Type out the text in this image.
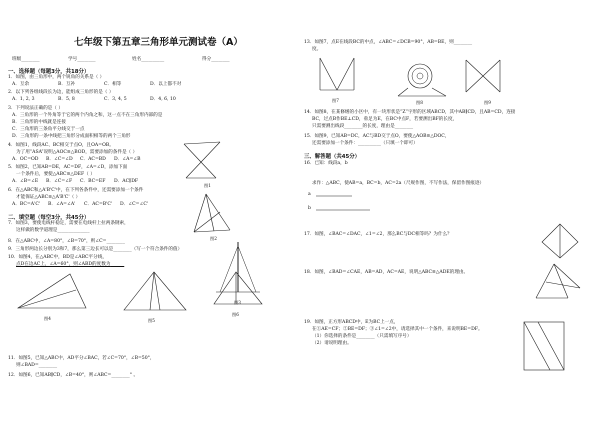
七年级下第五章三角形单元测试卷（A）
班级________	学号________	姓名__________	得分________
一、选择题（每题3分，共18分）
1．如图，由三角形中，两个锐角的关系是（ ）
A．互余	B．互补	C．相等	D．以上都不对
2．以下列各组线段长为边，能组成三角形的是（ ）
A．1, 2, 3	B．5, 8	C．3, 4, 5	D．4, 6, 10
3．下列说法正确的是（ ）
A．三角形的一个外角等于它的两个内角之和，这一点不在三角形内部的是
B．三角形的中线就是连接
C．三角形的三条角平分线交于一点
D．三角形的一条中线把三角形分成面积相等的两个三角形
4．如图1，线段AC、BC相交于点O，且OA=OB。
为了用“ASA”说明△AOC≌△BOD，需要添加的条件是（ ）
A．OC=OD B．∠C=∠D C．AC=BD D．∠A=∠B
5．如图2，已知AB=DE，AC=DF，∠A=∠D，添加下面
一个条件后，要使△ABC≌△DEF（ ）
A．∠B=∠E B．∠C=∠F C．BC=EF D．AC∥DF
6．在△ABC和△A'B'C'中，在下列各条件中，还需要添加一个条件
才能保证△ABC≌△A'B'C'（ ）
A．BC=A'C' B．∠A=∠A' C．AC=B'C' D．∠C=∠C'
图1
图2
图3
二、填空题（每空3分，共45分）
7．如图3，要使电线杆稳定，需要在电线杆上拉两条钢索，
这样做的数学道理是______________
8．在△ABC中，∠A=80°，∠B=70°，则∠C=________
9．三角形两边长分别为3和7，那么第三边长可以是________（写一个符合条件的值）
10．如图4，在△ABC中，BD是∠ABC平分线，
点D在边AC上，∠A=60°，则∠ABD的度数为______
图4	图5
图6
11．如图5，已知△ABC中，AD平分∠BAC，若∠C=70°，∠B=50°，
则∠BAD=________
12．如图6，已知AB∥CD，∠B=40°，则∠ABC=________° 。
13．如图7，点E在线段BC的中点，∠ABC=∠DCB=90°，AB=BE，则________
度。
图7	图8	图9
14．如图8，在某修缮的小区中，有一块形状是“Z”字形的区域ABCD，其中AB∥CD，且AB=CD，连接
BC，过点B作BE⊥CD，垂足为E，在BC中点F，若要测出BF的长度，
只需要测出线段________的长度，理由是________
15．如图9，已知AB=DC，AC与BD交于点O，要使△AOB≌△DOC，
还需要添加一个条件：__________（只填一个即可）
三、解答题（共45分）
16．已知：线段a，b
求作：△ABC，使AB=a，BC=b，AC=2a（尺规作图，不写作法，保留作图痕迹）
a
b
17．如图，∠BAC=∠DAC，∠1=∠2，那么BC与DC相等吗？为什么？
18．如图，∠BAD=∠CAE，AB=AD，AC=AE，说明△ABC≌△ADE的理由。
19．如图，正方形ABCD中，E为BC上一点，
在①AE=CF；②BE=DF；③∠1=∠2中，请选择其中一个条件，来说明BE=DF。
（1）你选择的条件是________（只需填写序号）
（2）请说明理由。
